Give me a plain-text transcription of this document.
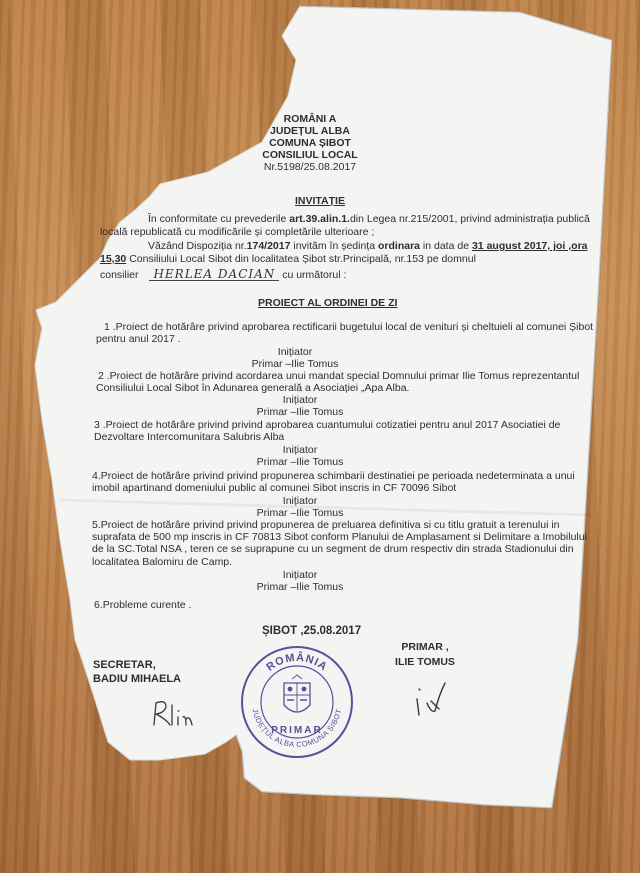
ROMÂNI A
JUDEȚUL ALBA
COMUNA ȘIBOT
CONSILIUL LOCAL
Nr.5198/25.08.2017
INVITAȚIE
În conformitate cu prevederile art.39.alin.1.din Legea nr.215/2001, privind administrația publică
locală republicată cu modificările și completările ulterioare ;
Văzând Dispoziția nr.174/2017 invităm în ședința ordinara in data de 31 august 2017, joi ,ora
15,30 Consiliului Local Sibot din localitatea Șibot str.Principală, nr.153 pe domnul
consilier HERLEA DACIAN cu următorul :
PROIECT AL ORDINEI DE ZI
1 .Proiect de hotărâre privind aprobarea rectificarii bugetului local de venituri și cheltuieli al comunei Șibot
pentru anul 2017 .
Inițiator
Primar –Ilie Tomus
2 .Proiect de hotărâre privind acordarea unui mandat special Domnului primar Ilie Tomus reprezentantul
Consiliului Local Sibot în Adunarea generală a Asociației „Apa Alba.
Inițiator
Primar –Ilie Tomus
3 .Proiect de hotărâre privind privind aprobarea cuantumului cotizatiei pentru anul 2017 Asociatiei de
Dezvoltare Intercomunitara Salubris Alba
Inițiator
Primar –Ilie Tomus
4.Proiect de hotărâre privind privind propunerea schimbarii destinatiei pe perioada nedeterminata a unui
imobil apartinand domeniului public al comunei Sibot inscris in CF 70096 Sibot
Inițiator
Primar –Ilie Tomus
5.Proiect de hotărâre privind privind propunerea de preluarea definitiva si cu titlu gratuit a terenului in
suprafata de 500 mp inscris in CF 70813 Sibot conform Planului de Amplasament si Delimitare a Imobilului
de la SC.Total NSA , teren ce se suprapune cu un segment de drum respectiv din strada Stadionului din
localitatea Balomiru de Camp.
Inițiator
Primar –Ilie Tomus
6.Probleme curente .
ȘIBOT ,25.08.2017
PRIMAR ,
ILIE TOMUS
SECRETAR,
BADIU MIHAELA
ROMÂNIA
JUDEȚUL ALBA COMUNA ȘIBOT
PRIMAR
